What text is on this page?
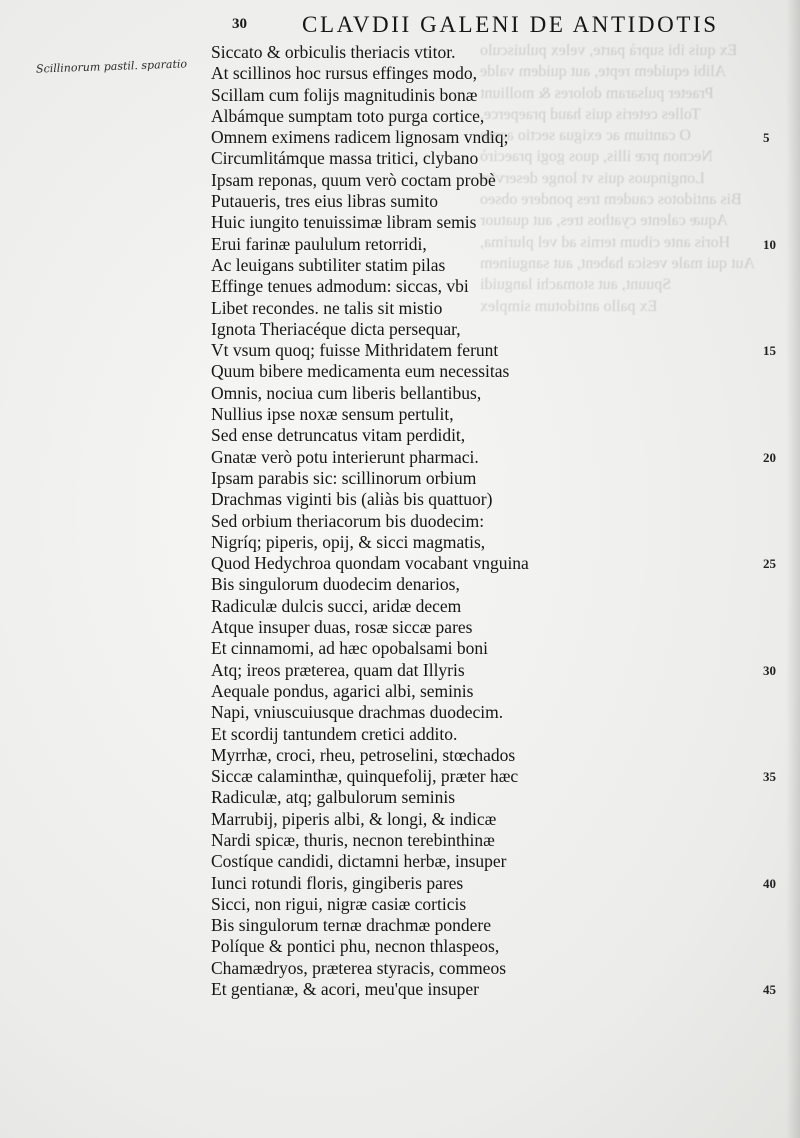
Ex quis ibi suprà parte, velex puluisculo
Alibi equidem repte, aut quidem valde
Praeter pulsaram dolores & molliunt
Tolles ceteris quis haud praeperce,
O cantium ac exigua sectio aceto
Necnon præ illis, quos gogi praecirò
Longinquos quis vt longe deserviet
Bis antidotos caudem tres pondere obseo
Aquæ calente cyathos tres, aut quatuor
Horis ante cibum ternis ad vel plurima,
Aut qui male vesica habent, aut sanguinem
Spuunt, aut stomachi languidi
Ex pallo antidotum simplex
30 CLAVDII GALENI DE ANTIDOTIS
Scillinorum pastil. sparatio
Siccato & orbiculis theriacis vtitor.
At scillinos hoc rursus effinges modo,
Scillam cum folijs magnitudinis bonæ
Albámque sumptam toto purga cortice,
Omnem eximens radicem lignosam vndiq;
Circumlitámque massa tritici, clybano
Ipsam reponas, quum verò coctam probè
Putaueris, tres eius libras sumito
Huic iungito tenuissimæ libram semis
Erui farinæ paululum retorridi,
Ac leuigans subtiliter statim pilas
Effinge tenues admodum: siccas, vbi
Libet recondes. ne talis sit mistio
Ignota Theriacéque dicta persequar,
Vt vsum quoq; fuisse Mithridatem ferunt
Quum bibere medicamenta eum necessitas
Omnis, nociua cum liberis bellantibus,
Nullius ipse noxæ sensum pertulit,
Sed ense detruncatus vitam perdidit,
Gnatæ verò potu interierunt pharmaci.
Ipsam parabis sic: scillinorum orbium
Drachmas viginti bis (aliàs bis quattuor)
Sed orbium theriacorum bis duodecim:
Nigríq; piperis, opij, & sicci magmatis,
Quod Hedychroa quondam vocabant vnguina
Bis singulorum duodecim denarios,
Radiculæ dulcis succi, aridæ decem
Atque insuper duas, rosæ siccæ pares
Et cinnamomi, ad hæc opobalsami boni
Atq; ireos præterea, quam dat Illyris
Aequale pondus, agarici albi, seminis
Napi, vniuscuiusque drachmas duodecim.
Et scordij tantundem cretici addito.
Myrrhæ, croci, rheu, petroselini, stœchados
Siccæ calaminthæ, quinquefolij, præter hæc
Radiculæ, atq; galbulorum seminis
Marrubij, piperis albi, & longi, & indicæ
Nardi spicæ, thuris, necnon terebinthinæ
Costíque candidi, dictamni herbæ, insuper
Iunci rotundi floris, gingiberis pares
Sicci, non rigui, nigræ casiæ corticis
Bis singulorum ternæ drachmæ pondere
Políque & pontici phu, necnon thlaspeos,
Chamædryos, præterea styracis, commeos
Et gentianæ, & acori, meu'que insuper
5
10
15
20
25
30
35
40
45
